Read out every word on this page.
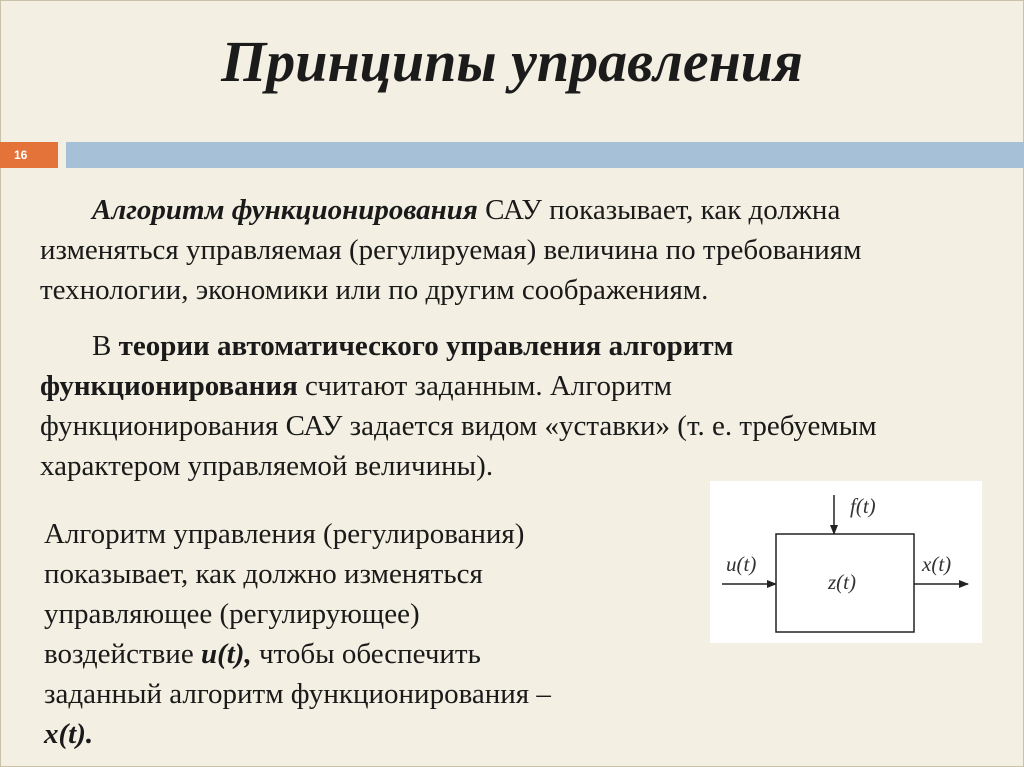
Принципы управления
16
Алгоритм функционирования САУ показывает, как должна
изменяться управляемая (регулируемая) величина по требованиям
технологии, экономики или по другим соображениям.
В теории автоматического управления алгоритм
функционирования считают заданным. Алгоритм
функционирования САУ задается видом «уставки» (т. е. требуемым
характером управляемой величины).
Алгоритм управления (регулирования)
показывает, как должно изменяться
управляющее (регулирующее)
воздействие u(t), чтобы обеспечить
заданный алгоритм функционирования –
x(t).
f(t)
u(t)
z(t)
x(t)
